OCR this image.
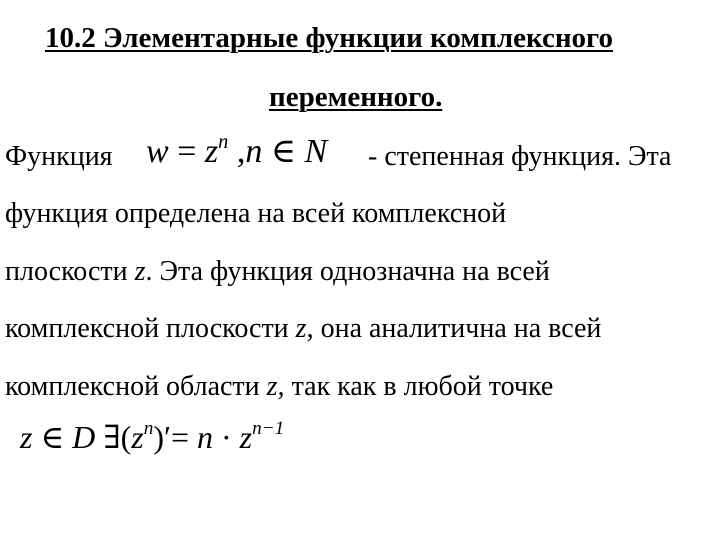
10.2 Элементарные функции комплексного
переменного.
Функция $w = z^n$ ,n ∈ N - степенная функция. Эта
функция определена на всей комплексной
плоскости z. Эта функция однозначна на всей
комплексной плоскости z, она аналитична на всей
комплексной области z, так как в любой точке
z ∈ D $\exists(z^n)'= n \cdot z^{n-1}$
